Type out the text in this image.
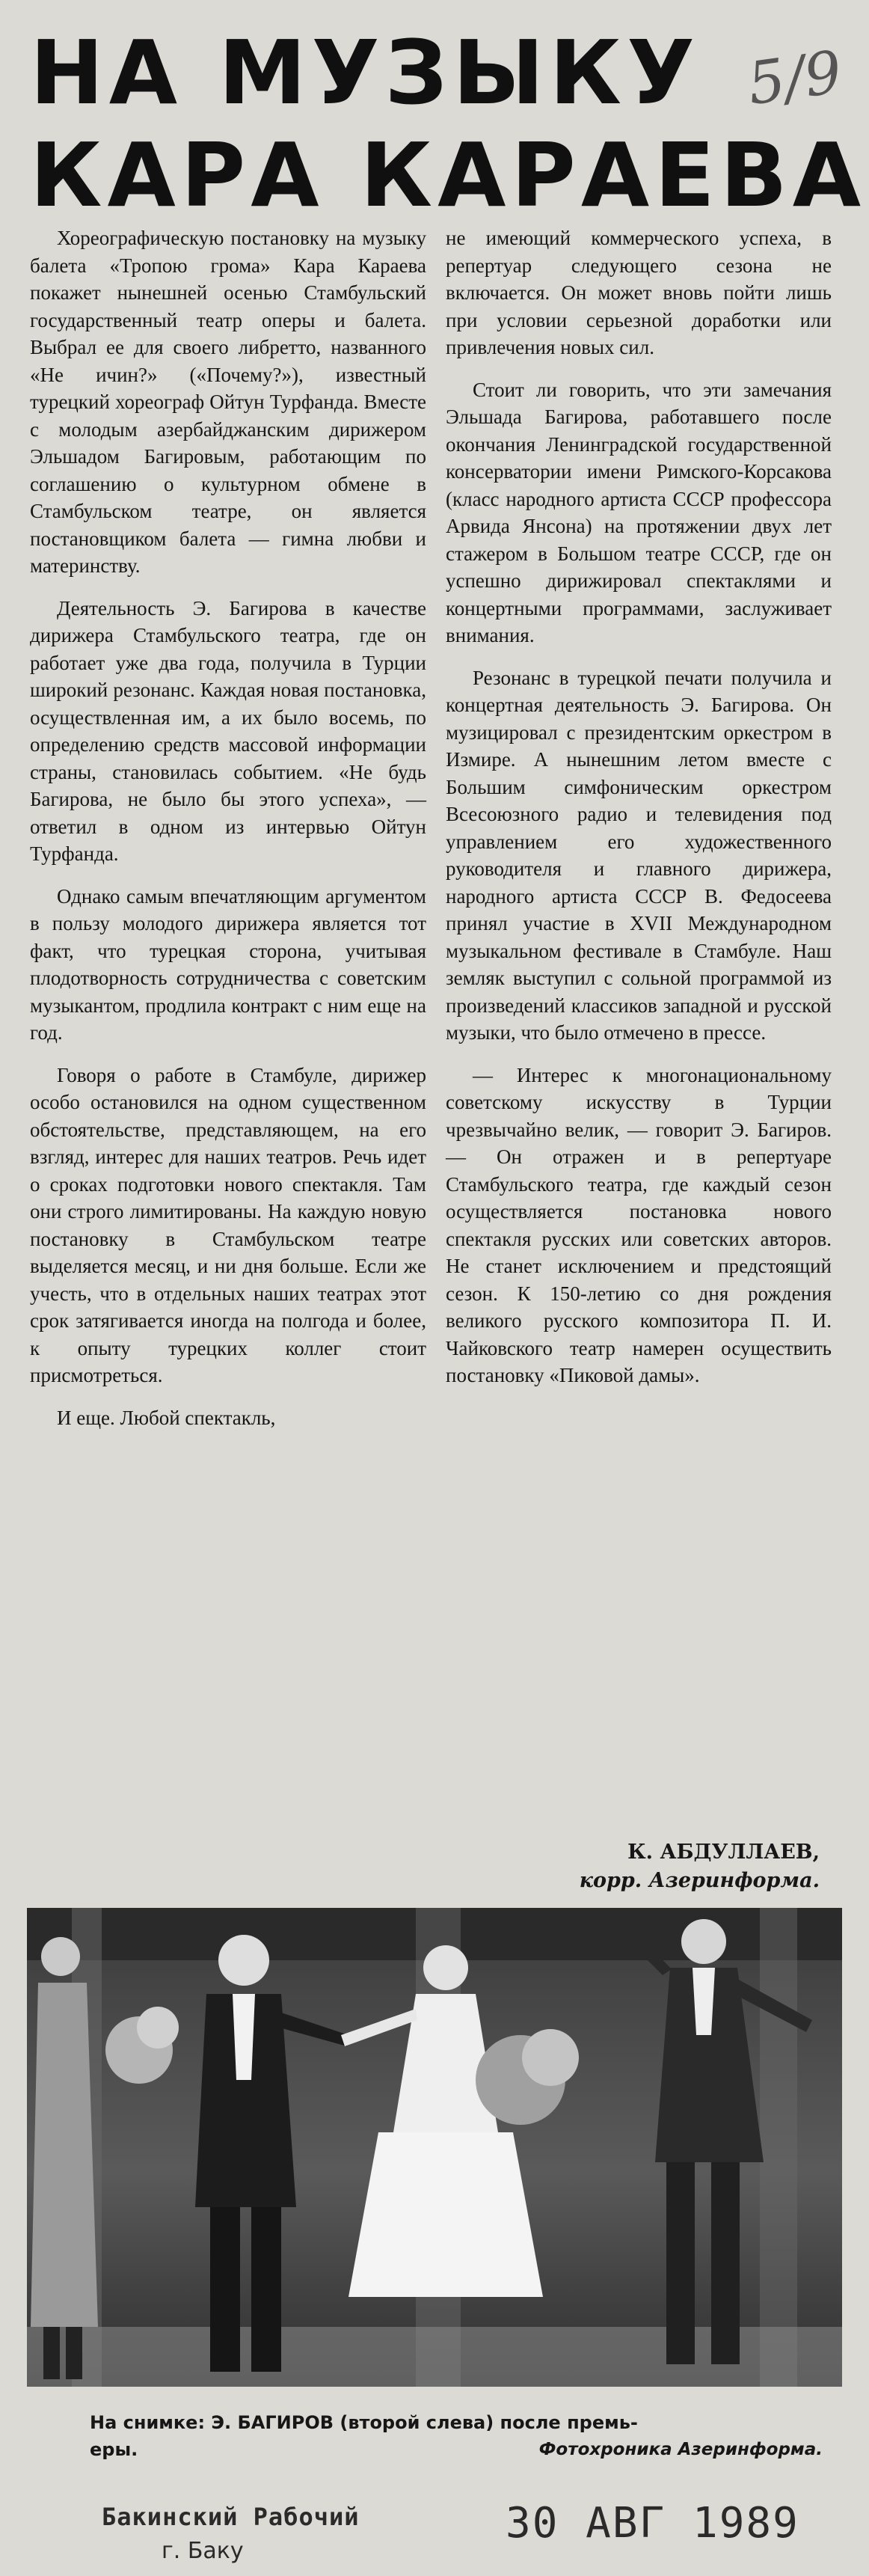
НА МУЗЫКУ
КАРА КАРАЕВА
5/9

Хореографическую постановку на музыку балета «Тропою грома» Кара Караева покажет нынешней осенью Стамбульский государственный театр оперы и балета. Выбрал ее для своего либретто, названного «Не ичин?» («Почему?»), известный турецкий хореограф Ойтун Турфанда. Вместе с молодым азербайджанским дирижером Эльшадом Багировым, работающим по соглашению о культурном обмене в Стамбульском театре, он является постановщиком балета — гимна любви и материнству.

Деятельность Э. Багирова в качестве дирижера Стамбульского театра, где он работает уже два года, получила в Турции широкий резонанс. Каждая новая постановка, осуществленная им, а их было восемь, по определению средств массовой информации страны, становилась событием. «Не будь Багирова, не было бы этого успеха», — ответил в одном из интервью Ойтун Турфанда.

Однако самым впечатляющим аргументом в пользу молодого дирижера является тот факт, что турецкая сторона, учитывая плодотворность сотрудничества с советским музыкантом, продлила контракт с ним еще на год.

Говоря о работе в Стамбуле, дирижер особо остановился на одном существенном обстоятельстве, представляющем, на его взгляд, интерес для наших театров. Речь идет о сроках подготовки нового спектакля. Там они строго лимитированы. На каждую новую постановку в Стамбульском театре выделяется месяц, и ни дня больше. Если же учесть, что в отдельных наших театрах этот срок затягивается иногда на полгода и более, к опыту турецких коллег стоит присмотреться.

И еще. Любой спектакль,

не имеющий коммерческого успеха, в репертуар следующего сезона не включается. Он может вновь пойти лишь при условии серьезной доработки или привлечения новых сил.

Стоит ли говорить, что эти замечания Эльшада Багирова, работавшего после окончания Ленинградской государственной консерватории имени Римского-Корсакова (класс народного артиста СССР профессора Арвида Янсона) на протяжении двух лет стажером в Большом театре СССР, где он успешно дирижировал спектаклями и концертными программами, заслуживает внимания.

Резонанс в турецкой печати получила и концертная деятельность Э. Багирова. Он музицировал с президентским оркестром в Измире. А нынешним летом вместе с Большим симфоническим оркестром Всесоюзного радио и телевидения под управлением его художественного руководителя и главного дирижера, народного артиста СССР В. Федосеева принял участие в XVII Международном музыкальном фестивале в Стамбуле. Наш земляк выступил с сольной программой из произведений классиков западной и русской музыки, что было отмечено в прессе.

— Интерес к многонациональному советскому искусству в Турции чрезвычайно велик, — говорит Э. Багиров. — Он отражен и в репертуаре Стамбульского театра, где каждый сезон осуществляется постановка нового спектакля русских или советских авторов. Не станет исключением и предстоящий сезон. К 150-летию со дня рождения великого русского композитора П. И. Чайковского театр намерен осуществить постановку «Пиковой дамы».

К. АБДУЛЛАЕВ,
корр. Азеринформа.
На снимке: Э. БАГИРОВ (второй слева) после премь-
еры.	Фотохроника Азеринформа.
Бакинский Рабочий
г. Баку
30 АВГ 1989
